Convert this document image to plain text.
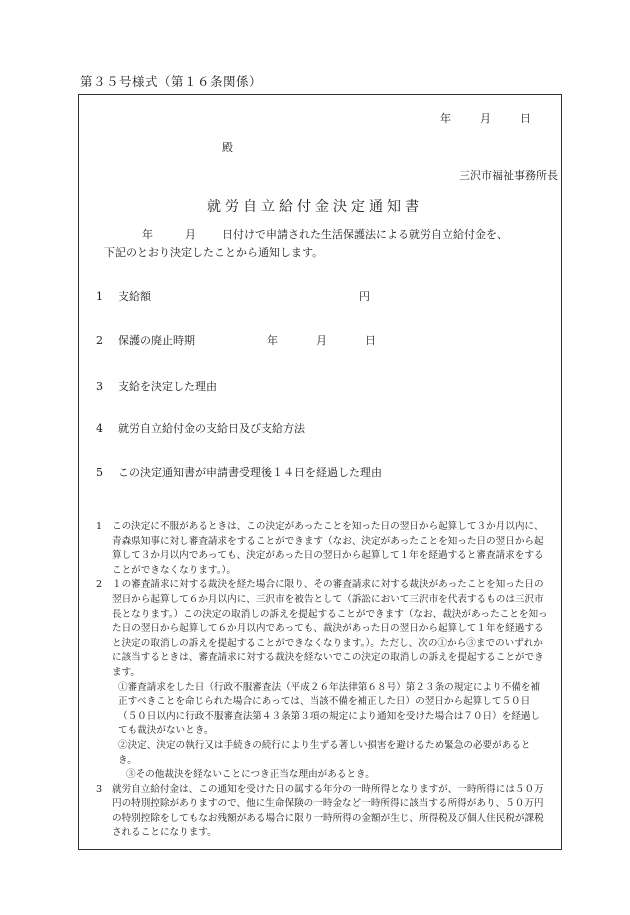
第３５号様式（第１６条関係）
年	月	日
殿
三沢市福祉事務所長
就労自立給付金決定通知書
年	月 日付けで申請された生活保護法による就労自立給付金を、
下記のとおり決定したことから通知します。
1 支給額	円
2 保護の廃止時期	年	月	日
3 支給を決定した理由
4 就労自立給付金の支給日及び支給方法
5 この決定通知書が申請書受理後１４日を経過した理由
1	この決定に不服があるときは、この決定があったことを知った日の翌日から起算して３か月以内に、青森県知事に対し審査請求をすることができます（なお、決定があったことを知った日の翌日から起算して３か月以内であっても、決定があった日の翌日から起算して１年を経過すると審査請求をすることができなくなります。）。
2	１の審査請求に対する裁決を経た場合に限り、その審査請求に対する裁決があったことを知った日の翌日から起算して６か月以内に、三沢市を被告として（訴訟において三沢市を代表するものは三沢市長となります。）この決定の取消しの訴えを提起することができます（なお、裁決があったことを知った日の翌日から起算して６か月以内であっても、裁決があった日の翌日から起算して１年を経過すると決定の取消しの訴えを提起することができなくなります。）。ただし、次の①から③までのいずれかに該当するときは、審査請求に対する裁決を経ないでこの決定の取消しの訴えを提起することができます。
①審査請求をした日（行政不服審査法（平成２６年法律第６８号）第２３条の規定により不備を補正すべきことを命じられた場合にあっては、当該不備を補正した日）の翌日から起算して５０日（５０日以内に行政不服審査法第４３条第３項の規定により通知を受けた場合は７０日）を経過しても裁決がないとき。
②決定、決定の執行又は手続きの続行により生ずる著しい損害を避けるため緊急の必要があるとき。
③その他裁決を経ないことにつき正当な理由があるとき。
3	就労自立給付金は、この通知を受けた日の属する年分の一時所得となりますが、一時所得には５０万円の特別控除がありますので、他に生命保険の一時金など一時所得に該当する所得があり、５０万円の特別控除をしてもなお残額がある場合に限り一時所得の金額が生じ、所得税及び個人住民税が課税されることになります。
